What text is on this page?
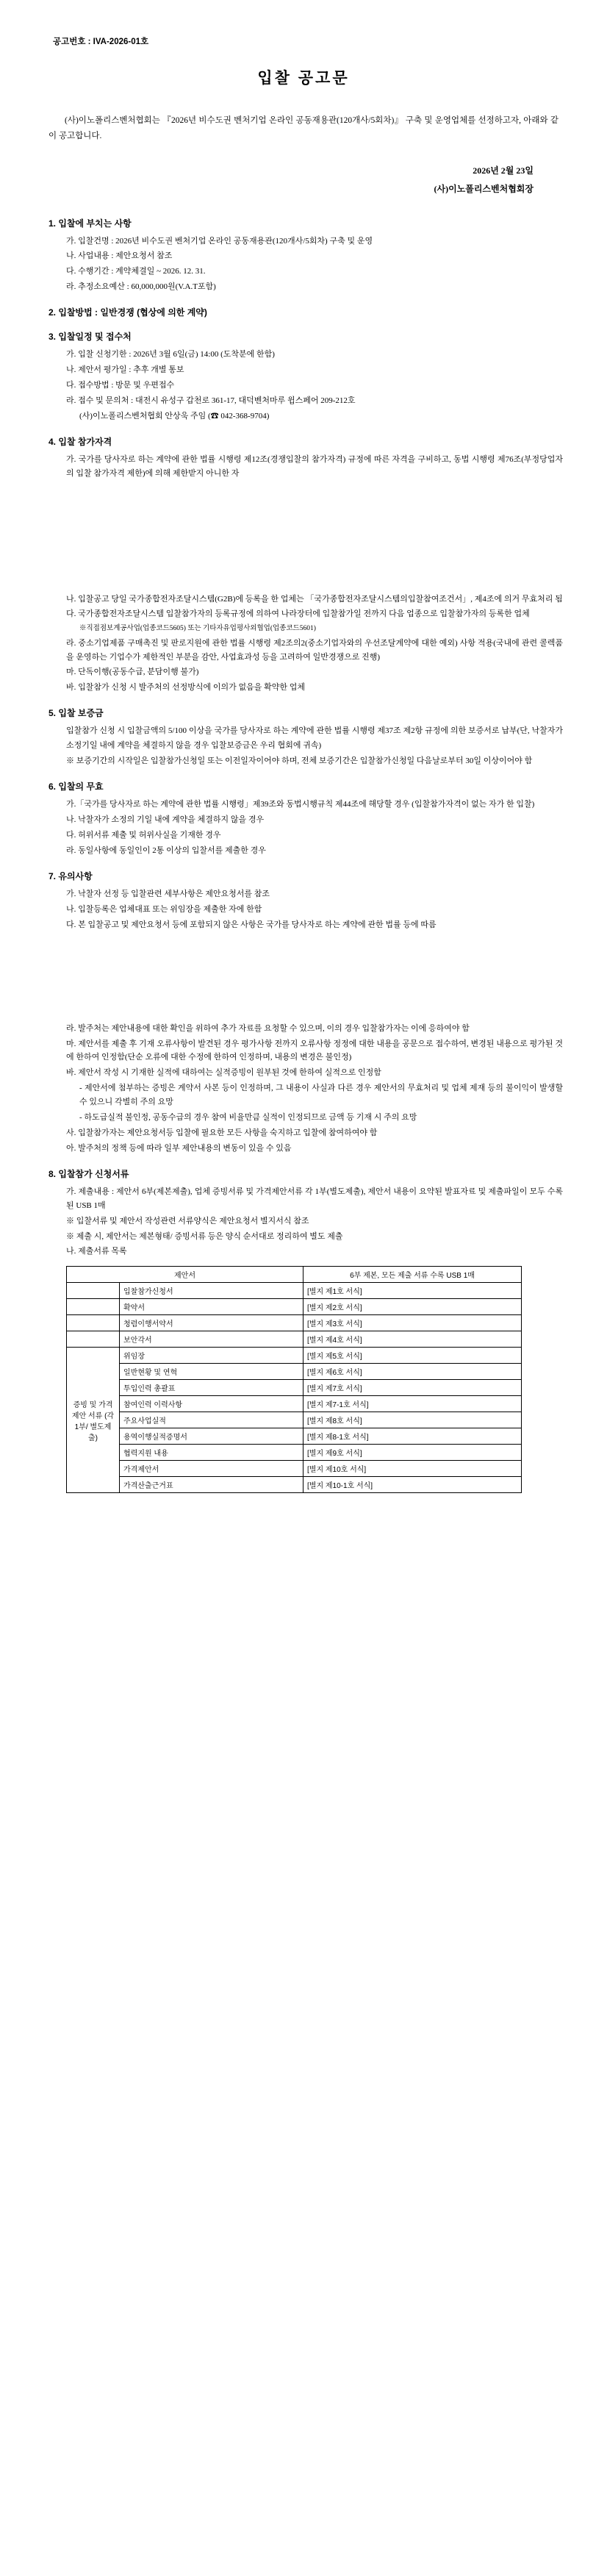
공고번호 : IVA-2026-01호
입찰 공고문
(사)이노폴리스벤처협회는 『2026년 비수도권 벤처기업 온라인 공동재용관(120개사/5회차)』 구축 및 운영업체를 선정하고자, 아래와 같이 공고합니다.
2026년 2월 23일
(사)이노폴리스벤처협회장
1. 입찰에 부치는 사항
가. 입찰건명 : 2026년 비수도권 벤처기업 온라인 공동재용관(120개사/5회차) 구축 및 운영
나. 사업내용 : 제안요청서 참조
다. 수행기간 : 계약체결일 ~ 2026. 12. 31.
라. 추정소요예산 : 60,000,000원(V.A.T포함)
2. 입찰방법 : 일반경쟁 (협상에 의한 계약)
3. 입찰일정 및 접수처
가. 입찰 신청기한 : 2026년 3월 6일(금) 14:00 (도착분에 한함)
나. 제안서 평가일 : 추후 개별 통보
다. 접수방법 : 방문 및 우편접수
라. 접수 및 문의처 : 대전시 유성구 갑천로 361-17, 대덕벤처마루 윕스페어 209-212호
(사)이노폴리스벤처협회 안상욱 주임 (☎ 042-368-9704)
4. 입찰 참가자격
가. 국가를 당사자로 하는 계약에 관한 법률 시행령 제12조(경쟁입찰의 참가자격) 규정에 따른 자격을 구비하고, 동법 시행령 제76조(부정당업자의 입찰 참가자격 제한)에 의해 제한받지 아니한 자
나. 입찰공고 당일 국가종합전자조달시스템(G2B)에 등록을 한 업체는 「국가종합전자조달시스템의입찰참여조건서」, 제4조에 의거 무효처리 됨
다. 국가종합전자조달시스템 입찰참가자의 등록규정에 의하여 나라장터에 입찰참가일 전까지 다음 업종으로 입찰참가자의 등록한 업체
※직접점보계공사업(업종코드5605) 또는 기타자유업평사외협업(업종코드5601)
라. 중소기업제품 구매촉진 및 판로지원에 관한 법률 시행령 제2조의2(중소기업자와의 우선조달계약에 대한 예외) 사항 적용(국내에 관련 콜렉품을 운영하는 기업수가 제한적인 부분을 감안, 사업효과성 등을 고려하여 일반경쟁으로 진행)
마. 단독이행(공동수급, 분담이행 불가)
바. 입찰참가 신청 시 발주처의 선정방식에 이의가 없음을 확약한 업체
5. 입찰 보증금
입찰참가 신청 시 입찰금액의 5/100 이상을 국가를 당사자로 하는 계약에 관한 법률 시행령 제37조 제2항 규정에 의한 보증서로 납부(단, 낙찰자가 소정기일 내에 계약을 체결하지 않을 경우 입찰보증금은 우리 협회에 귀속)
※ 보증기간의 시작일은 입찰참가신청일 또는 이전일자이어야 하며, 전체 보증기간은 입찰참가신청일 다음날로부터 30일 이상이어야 함
6. 입찰의 무효
가.「국가를 당사자로 하는 계약에 관한 법률 시행령」제39조와 동법시행규칙 제44조에 해당할 경우 (입찰참가자격이 없는 자가 한 입찰)
나. 낙찰자가 소정의 기일 내에 계약을 체결하지 않을 경우
다. 허위서류 제출 및 허위사실을 기재한 경우
라. 동일사항에 동일인이 2통 이상의 입찰서를 제출한 경우
7. 유의사항
가. 낙찰자 선정 등 입찰관련 세부사항은 제안요청서를 참조
나. 입찰등록은 업체대표 또는 위임장을 제출한 자에 한함
다. 본 입찰공고 및 제안요청서 등에 포함되지 않은 사항은 국가를 당사자로 하는 계약에 관한 법률 등에 따름
라. 발주처는 제안내용에 대한 확인을 위하여 추가 자료를 요청할 수 있으며, 이의 경우 입찰참가자는 이에 응하여야 함
마. 제안서를 제출 후 기재 오류사항이 발견된 경우 평가사항 전까지 오류사항 정정에 대한 내용을 공문으로 접수하여, 변경된 내용으로 평가된 것에 한하여 인정함(단순 오류에 대한 수정에 한하여 인정하며, 내용의 변경은 불인정)
바. 제안서 작성 시 기재한 실적에 대하여는 실적증빙이 원부된 것에 한하여 실적으로 인정함
- 제안서에 첨부하는 증빙은 계약서 사본 등이 인정하며, 그 내용이 사실과 다른 경우 제안서의 무효처리 및 업체 제재 등의 불이익이 발생할 수 있으니 각별히 주의 요망
- 하도급실적 불인정, 공동수급의 경우 참여 비율만큼 실적이 인정되므로 금액 등 기재 시 주의 요망
사. 입찰참가자는 제안요청서등 입찰에 필요한 모든 사항을 숙지하고 입찰에 참여하여야 함
아. 발주처의 정책 등에 따라 일부 제안내용의 변동이 있을 수 있음
8. 입찰참가 신청서류
가. 제출내용 : 제안서 6부(제본제출), 업체 증빙서류 및 가격제안서류 각 1부(별도제출), 제안서 내용이 요약된 발표자료 및 제출파일이 모두 수록된 USB 1매
※ 입찰서류 및 제안서 작성관련 서류양식은 제안요청서 별지서식 참조
※ 제출 시, 제안서는 제본형태/ 증빙서류 등은 양식 순서대로 정리하여 별도 제출
나. 제출서류 목록
제안서		6부 제본, 모든 제출 서류 수록 USB 1매
	입찰참가신청서	[별지 제1호 서식]
	확약서	[별지 제2호 서식]
	청렴이행서약서	[별지 제3호 서식]
	보안각서	[별지 제4호 서식]
증빙 및 가격제안 서류 (각 1부/ 별도제출)	위임장	[별지 제5호 서식]
	일반현황 및 연혁	[별지 제6호 서식]
	투입인력 총괄표	[별지 제7호 서식]
	참여인력 이력사항	[별지 제7-1호 서식]
	주요사업실적	[별지 제8호 서식]
	용역이행실적증명서	[별지 제8-1호 서식]
	협력지원 내용	[별지 제9호 서식]
	가격제안서	[별지 제10호 서식]
	가격산출근거표	[별지 제10-1호 서식]
